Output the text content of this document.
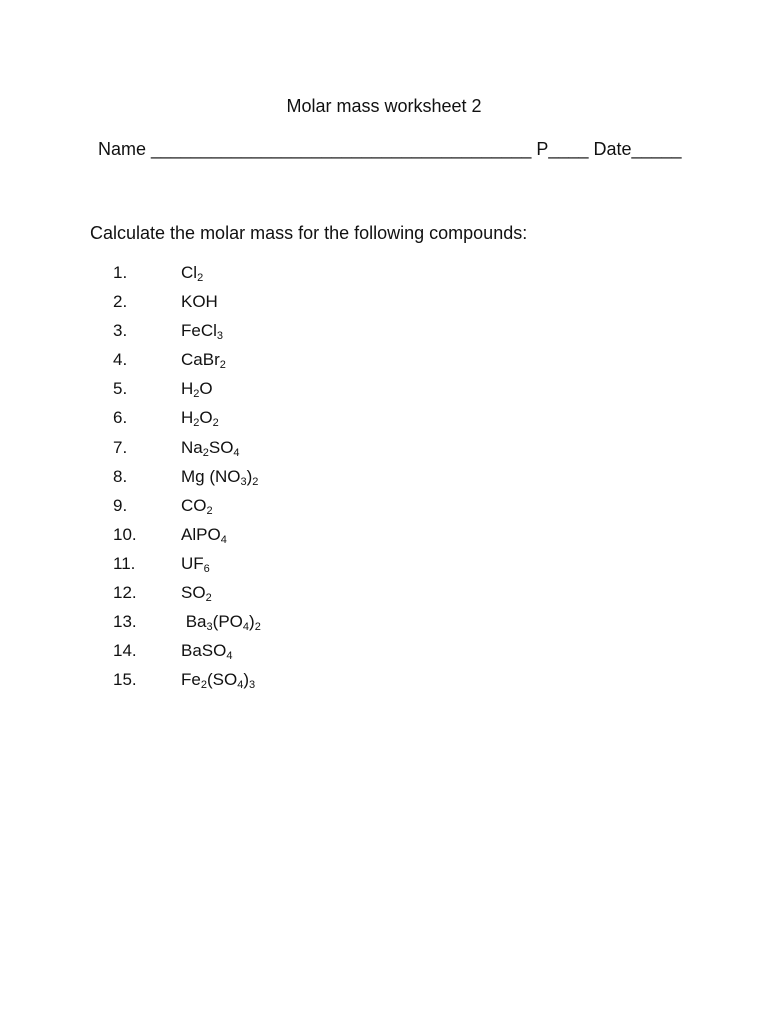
Molar mass worksheet 2
Name ______________________________________ P____ Date_____
Calculate the molar mass for the following compounds:
1.	$Cl_2$
2.	KOH
3.	FeCl$_3$
4.	CaBr$_2$
5.	$H_2O$
6.	$H_2O_2$
7.	$Na_2SO_4$
8.	Mg $(NO_3)_2$
9.	$CO_2$
10.	AlPO$_4$
11.	$UF_6$
12.	$SO_2$
13.	$Ba_3(PO_4)_2$
14.	BaSO$_4$
15.	$Fe_2(SO_4)_3$
